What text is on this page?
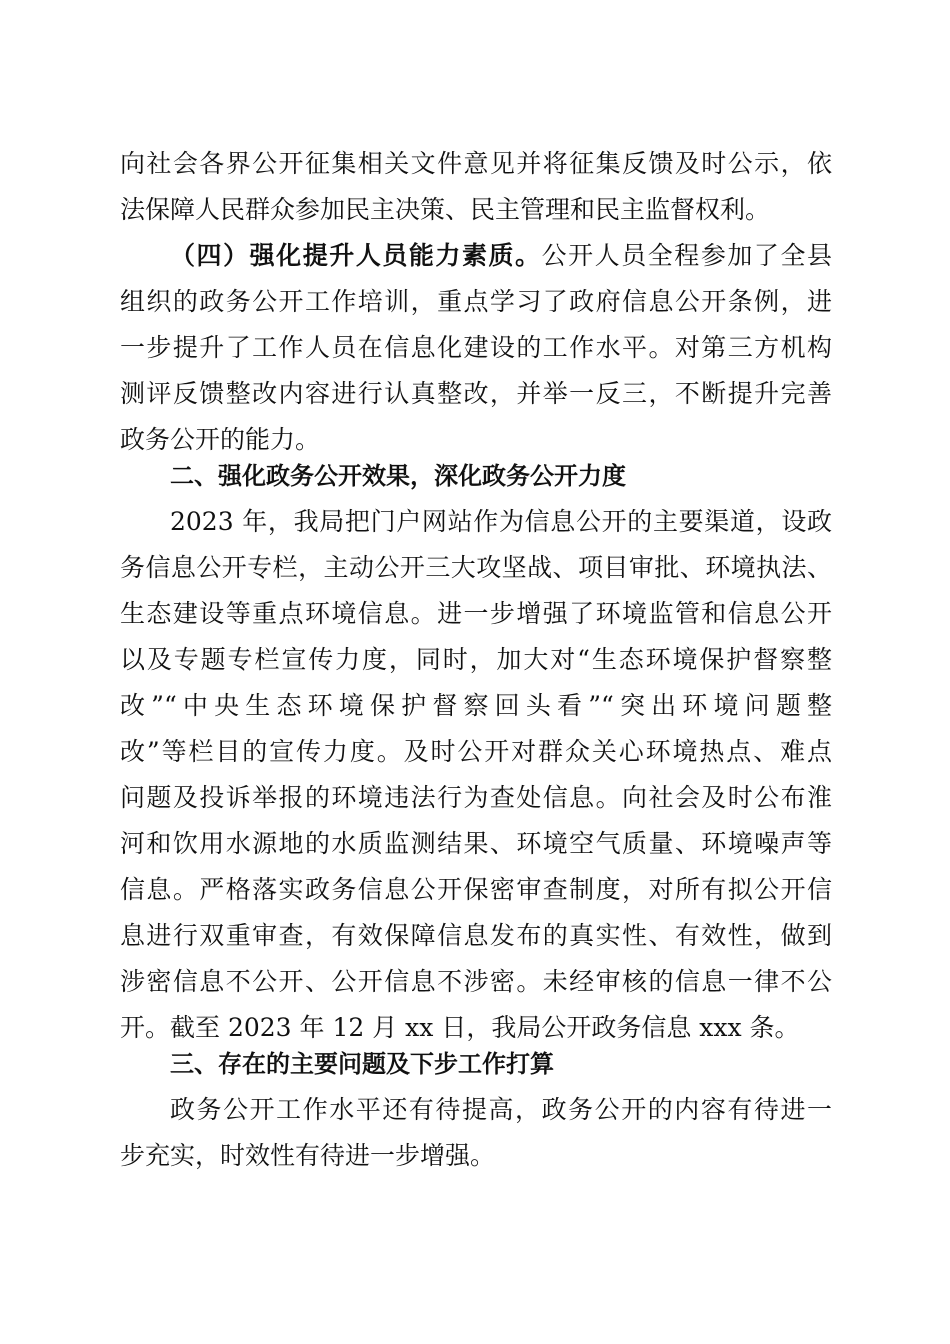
向社会各界公开征集相关文件意见并将征集反馈及时公示，依

法保障人民群众参加民主决策、民主管理和民主监督权利。

（四）强化提升人员能力素质。公开人员全程参加了全县

组织的政务公开工作培训，重点学习了政府信息公开条例，进

一步提升了工作人员在信息化建设的工作水平。对第三方机构

测评反馈整改内容进行认真整改，并举一反三，不断提升完善

政务公开的能力。

二、强化政务公开效果，深化政务公开力度

2023 年，我局把门户网站作为信息公开的主要渠道，设政

务信息公开专栏，主动公开三大攻坚战、项目审批、环境执法、

生态建设等重点环境信息。进一步增强了环境监管和信息公开

以及专题专栏宣传力度，同时，加大对“生态环境保护督察整

改”“中央生态环境保护督察回头看”“突出环境问题整

改”等栏目的宣传力度。及时公开对群众关心环境热点、难点

问题及投诉举报的环境违法行为查处信息。向社会及时公布淮

河和饮用水源地的水质监测结果、环境空气质量、环境噪声等

信息。严格落实政务信息公开保密审查制度，对所有拟公开信

息进行双重审查，有效保障信息发布的真实性、有效性，做到

涉密信息不公开、公开信息不涉密。未经审核的信息一律不公

开。截至 2023 年 12 月 xx 日，我局公开政务信息 xxx 条。

三、存在的主要问题及下步工作打算

政务公开工作水平还有待提高，政务公开的内容有待进一

步充实，时效性有待进一步增强。
